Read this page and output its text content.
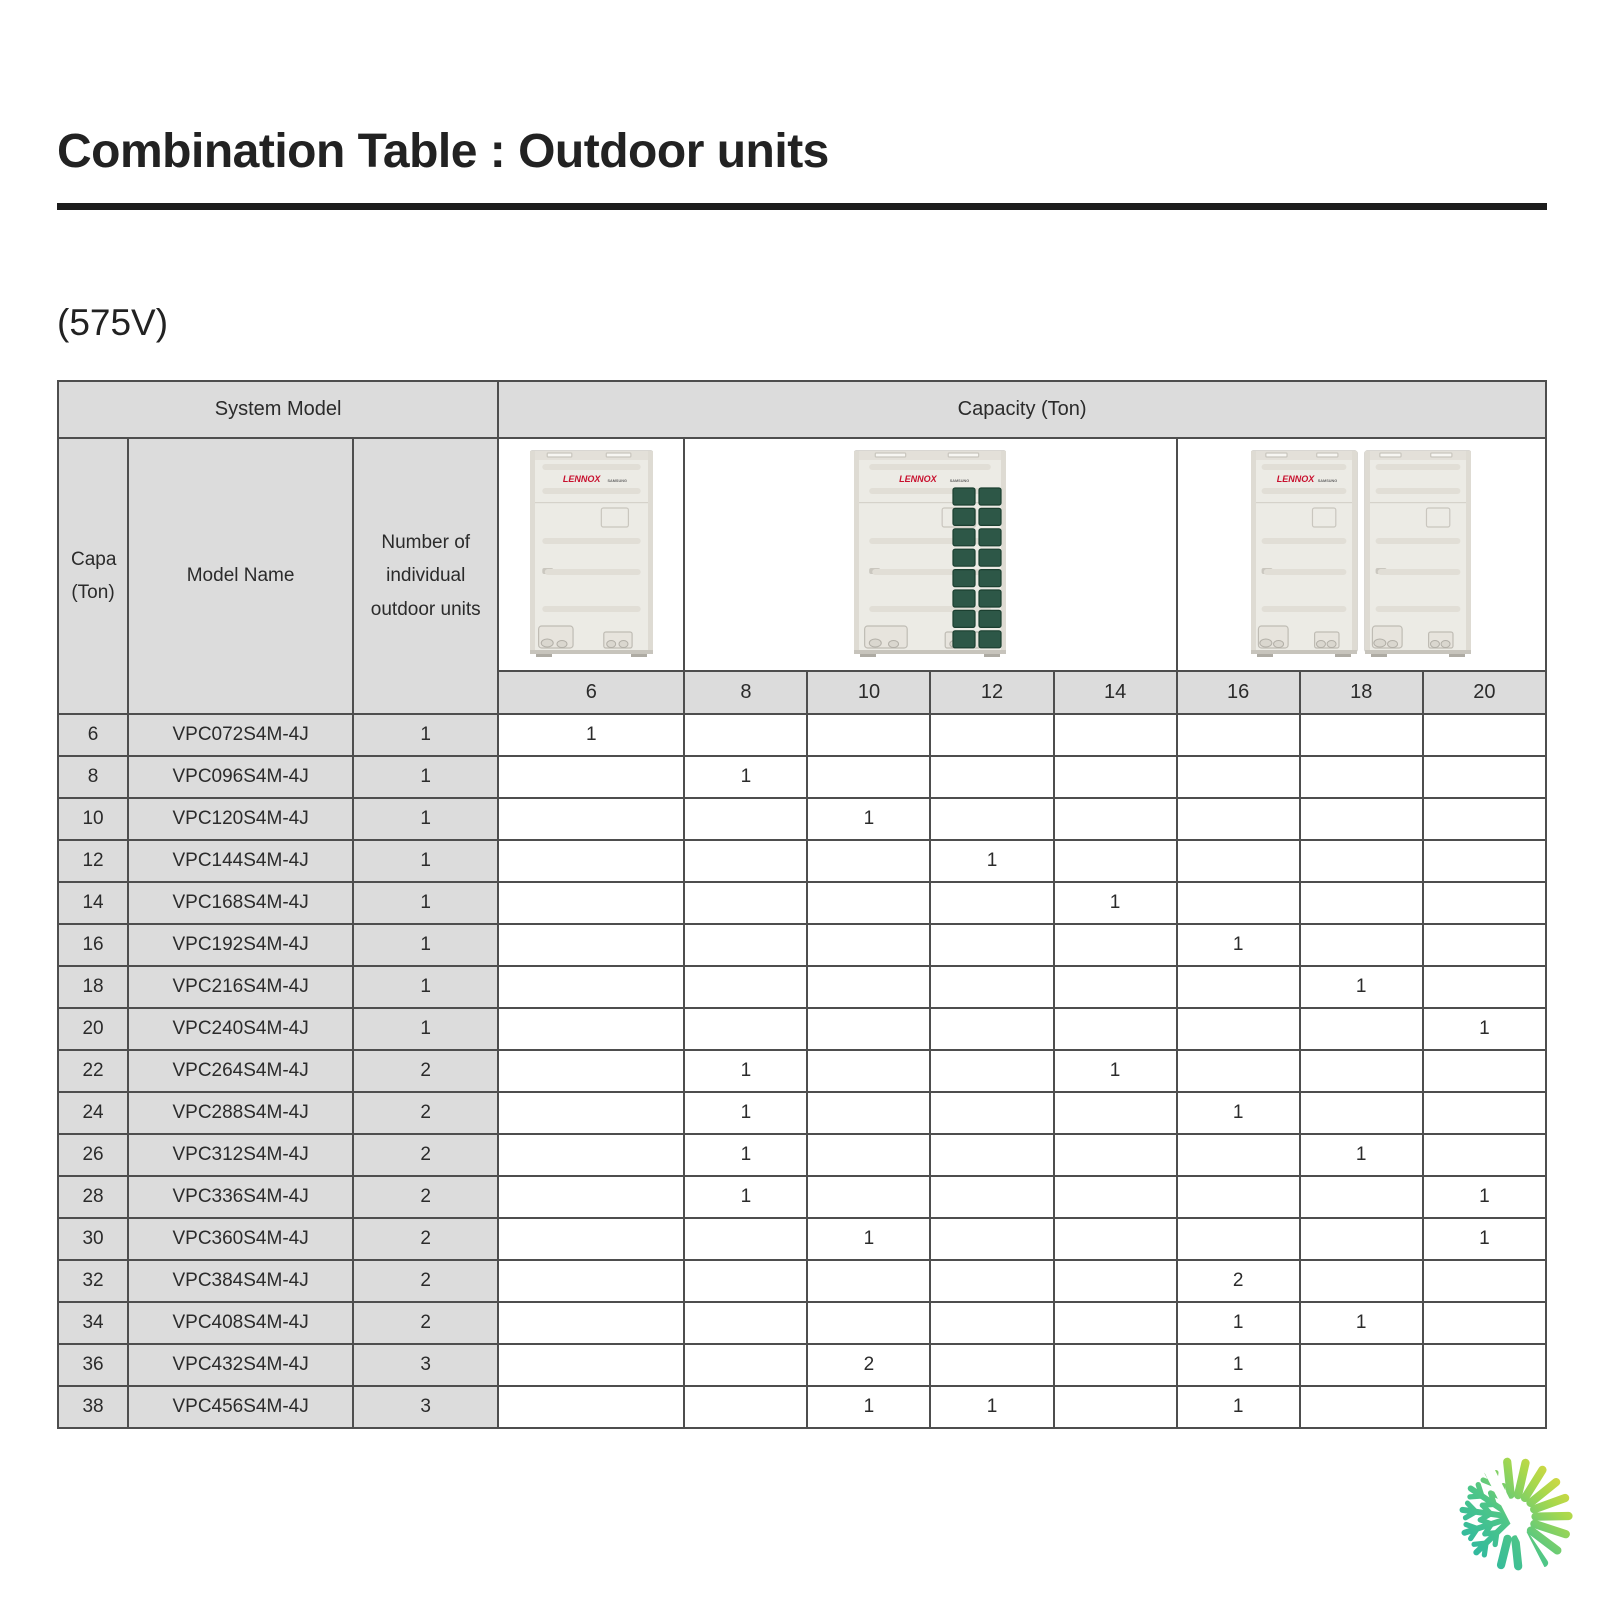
Combination Table : Outdoor units
(575V)
System Model			Capacity (Ton)							
Capa (Ton)	Model Name	Number of individual outdoor units	LENNOX SAMSUNG	LENNOX SAMSUNG				LENNOX SAMSUNG		

			6	8	10	12	14	16	18	20
6	VPC072S4M-4J	1	1							
8	VPC096S4M-4J	1		1						
10	VPC120S4M-4J	1			1					
12	VPC144S4M-4J	1				1				
14	VPC168S4M-4J	1					1			
16	VPC192S4M-4J	1						1		
18	VPC216S4M-4J	1							1	
20	VPC240S4M-4J	1								1
22	VPC264S4M-4J	2		1			1			
24	VPC288S4M-4J	2		1				1		
26	VPC312S4M-4J	2		1					1	
28	VPC336S4M-4J	2		1						1
30	VPC360S4M-4J	2			1					1
32	VPC384S4M-4J	2						2		
34	VPC408S4M-4J	2						1	1	
36	VPC432S4M-4J	3			2			1		
38	VPC456S4M-4J	3			1	1		1		
